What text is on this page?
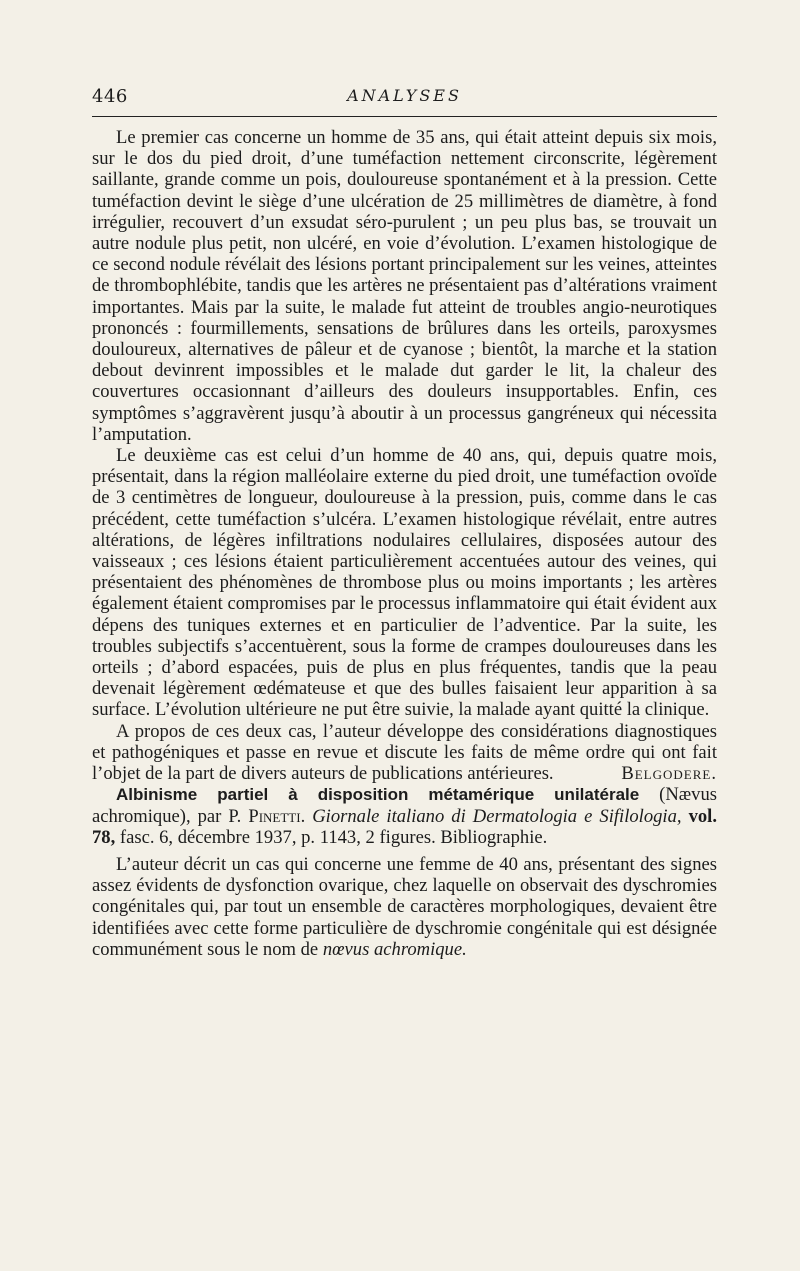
446	ANALYSES

Le premier cas concerne un homme de 35 ans, qui était atteint depuis six mois, sur le dos du pied droit, d’une tuméfaction nettement circonscrite, légèrement saillante, grande comme un pois, douloureuse spontanément et à la pression. Cette tuméfaction devint le siège d’une ulcération de 25 millimètres de diamètre, à fond irrégulier, recouvert d’un exsudat séro-purulent ; un peu plus bas, se trouvait un autre nodule plus petit, non ulcéré, en voie d’évolution. L’examen histologique de ce second nodule révélait des lésions portant principalement sur les veines, atteintes de thrombophlébite, tandis que les artères ne présentaient pas d’altérations vraiment importantes. Mais par la suite, le malade fut atteint de troubles angio-neurotiques prononcés : fourmillements, sensations de brûlures dans les orteils, paroxysmes douloureux, alternatives de pâleur et de cyanose ; bientôt, la marche et la station debout devinrent impossibles et le malade dut garder le lit, la chaleur des couvertures occasionnant d’ailleurs des douleurs insupportables. Enfin, ces symptômes s’aggravèrent jusqu’à aboutir à un processus gangréneux qui nécessita l’amputation.

Le deuxième cas est celui d’un homme de 40 ans, qui, depuis quatre mois, présentait, dans la région malléolaire externe du pied droit, une tuméfaction ovoïde de 3 centimètres de longueur, douloureuse à la pression, puis, comme dans le cas précédent, cette tuméfaction s’ulcéra. L’examen histologique révélait, entre autres altérations, de légères infiltrations nodulaires cellulaires, disposées autour des vaisseaux ; ces lésions étaient particulièrement accentuées autour des veines, qui présentaient des phénomènes de thrombose plus ou moins importants ; les artères également étaient compromises par le processus inflammatoire qui était évident aux dépens des tuniques externes et en particulier de l’adventice. Par la suite, les troubles subjectifs s’accentuèrent, sous la forme de crampes douloureuses dans les orteils ; d’abord espacées, puis de plus en plus fréquentes, tandis que la peau devenait légèrement œdémateuse et que des bulles faisaient leur apparition à sa surface. L’évolution ultérieure ne put être suivie, la malade ayant quitté la clinique.

A propos de ces deux cas, l’auteur développe des considérations diagnostiques et pathogéniques et passe en revue et discute les faits de même ordre qui ont fait l’objet de la part de divers auteurs de publications antérieures.	Belgodere.

Albinisme partiel à disposition métamérique unilatérale (Nævus achromique), par P. Pinetti. Giornale italiano di Dermatologia e Sifilologia, vol. 78, fasc. 6, décembre 1937, p. 1143, 2 figures. Bibliographie.

L’auteur décrit un cas qui concerne une femme de 40 ans, présentant des signes assez évidents de dysfonction ovarique, chez laquelle on observait des dyschromies congénitales qui, par tout un ensemble de caractères morphologiques, devaient être identifiées avec cette forme particulière de dyschromie congénitale qui est désignée communément sous le nom de nœvus achromique.
